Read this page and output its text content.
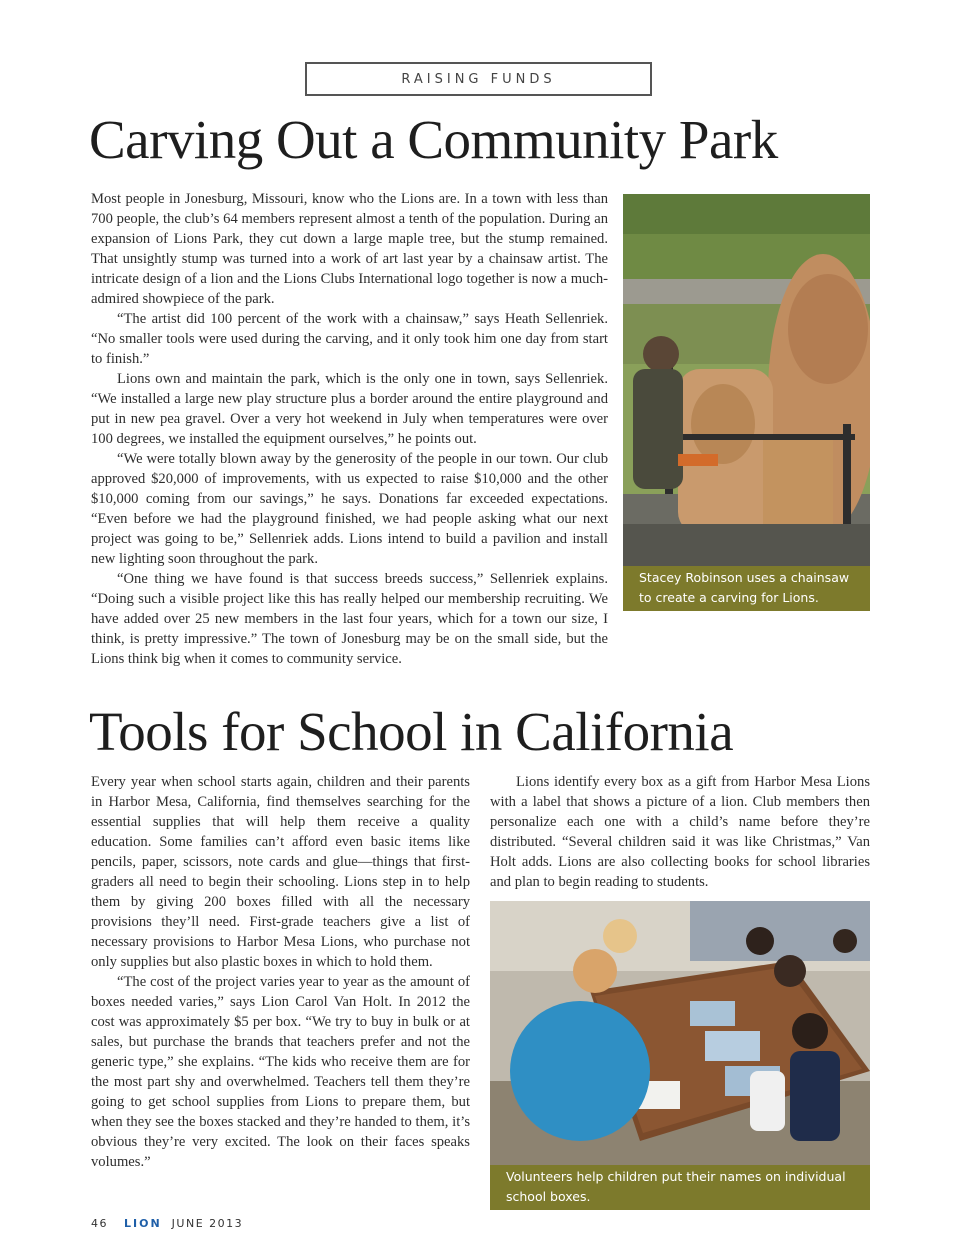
RAISING FUNDS
Carving Out a Community Park

Most people in Jonesburg, Missouri, know who the Lions are. In a town with less than 700 people, the club’s 64 members represent almost a tenth of the population. During an expansion of Lions Park, they cut down a large maple tree, but the stump remained. That unsightly stump was turned into a work of art last year by a chainsaw artist. The intricate design of a lion and the Lions Clubs International logo together is now a much-admired showpiece of the park.

“The artist did 100 percent of the work with a chainsaw,” says Heath Sellenriek. “No smaller tools were used during the carving, and it only took him one day from start to finish.”

Lions own and maintain the park, which is the only one in town, says Sellenriek. “We installed a large new play structure plus a border around the entire playground and put in new pea gravel. Over a very hot weekend in July when temperatures were over 100 degrees, we installed the equipment ourselves,” he points out.

“We were totally blown away by the generosity of the people in our town. Our club approved $20,000 of improvements, with us expected to raise $10,000 and the other $10,000 coming from our savings,” he says. Donations far exceeded expectations. “Even before we had the playground finished, we had people asking what our next project was going to be,” Sellenriek adds. Lions intend to build a pavilion and install new lighting soon throughout the park.

“One thing we have found is that success breeds success,” Sellenriek explains. “Doing such a visible project like this has really helped our membership recruiting. We have added over 25 new members in the last four years, which for a town our size, I think, is pretty impressive.” The town of Jonesburg may be on the small side, but the Lions think big when it comes to community service.

Stacey Robinson uses a chainsaw to create a carving for Lions.
Tools for School in California

Every year when school starts again, children and their parents in Harbor Mesa, California, find themselves searching for the essential supplies that will help them receive a quality education. Some families can’t afford even basic items like pencils, paper, scissors, note cards and glue—things that first-graders all need to begin their schooling. Lions step in to help them by giving 200 boxes filled with all the necessary provisions they’ll need. First-grade teachers give a list of necessary provisions to Harbor Mesa Lions, who purchase not only supplies but also plastic boxes in which to hold them.

“The cost of the project varies year to year as the amount of boxes needed varies,” says Lion Carol Van Holt. In 2012 the cost was approximately $5 per box. “We try to buy in bulk or at sales, but purchase the brands that teachers prefer and not the generic type,” she explains. “The kids who receive them are for the most part shy and overwhelmed. Teachers tell them they’re going to get school supplies from Lions to prepare them, but when they see the boxes stacked and they’re handed to them, it’s obvious they’re very excited. The look on their faces speaks volumes.”

Lions identify every box as a gift from Harbor Mesa Lions with a label that shows a picture of a lion. Club members then personalize each one with a child’s name before they’re distributed. “Several children said it was like Christmas,” Van Holt adds. Lions are also collecting books for school libraries and plan to begin reading to students.

Volunteers help children put their names on individual school boxes.
46 LION JUNE 2013
